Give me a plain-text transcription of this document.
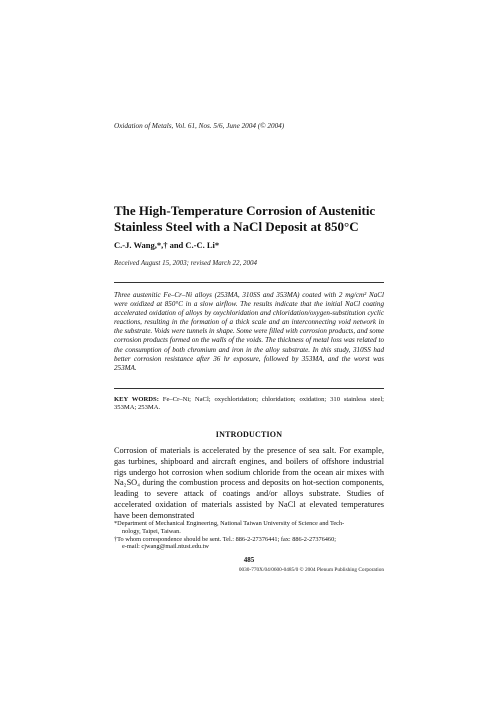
Oxidation of Metals, Vol. 61, Nos. 5/6, June 2004 (© 2004)
The High-Temperature Corrosion of Austenitic
Stainless Steel with a NaCl Deposit at 850°C
C.-J. Wang,*,† and C.-C. Li*
Received August 15, 2003; revised March 22, 2004
Three austenitic Fe–Cr–Ni alloys (253MA, 310SS and 353MA) coated with 2 mg/cm² NaCl were oxidized at 850°C in a slow airflow. The results indicate that the initial NaCl coating accelerated oxidation of alloys by oxychloridation and chloridation/oxygen-substitution cyclic reactions, resulting in the formation of a thick scale and an interconnecting void network in the substrate. Voids were tunnels in shape. Some were filled with corrosion products, and some corrosion products formed on the walls of the voids. The thickness of metal loss was related to the consumption of both chromium and iron in the alloy substrate. In this study, 310SS had better corrosion resistance after 36 hr exposure, followed by 353MA, and the worst was 253MA.
KEY WORDS: Fe–Cr–Ni; NaCl; oxychloridation; chloridation; oxidation; 310 stainless steel; 353MA; 253MA.
INTRODUCTION
Corrosion of materials is accelerated by the presence of sea salt. For example, gas turbines, shipboard and aircraft engines, and boilers of offshore industrial rigs undergo hot corrosion when sodium chloride from the ocean air mixes with Na₂SO₄ during the combustion process and deposits on hot-section components, leading to severe attack of coatings and/or alloys substrate. Studies of accelerated oxidation of materials assisted by NaCl at elevated temperatures have been demonstrated

*Department of Mechanical Engineering, National Taiwan University of Science and Tech-
nology, Taipei, Taiwan.

†To whom correspondence should be sent. Tel.: 886-2-27376441; fax: 886-2-27376460;
e-mail: cjwang@mail.ntust.edu.tw

485
0030-770X/04/0600-0485/0 © 2004 Plenum Publishing Corporation
